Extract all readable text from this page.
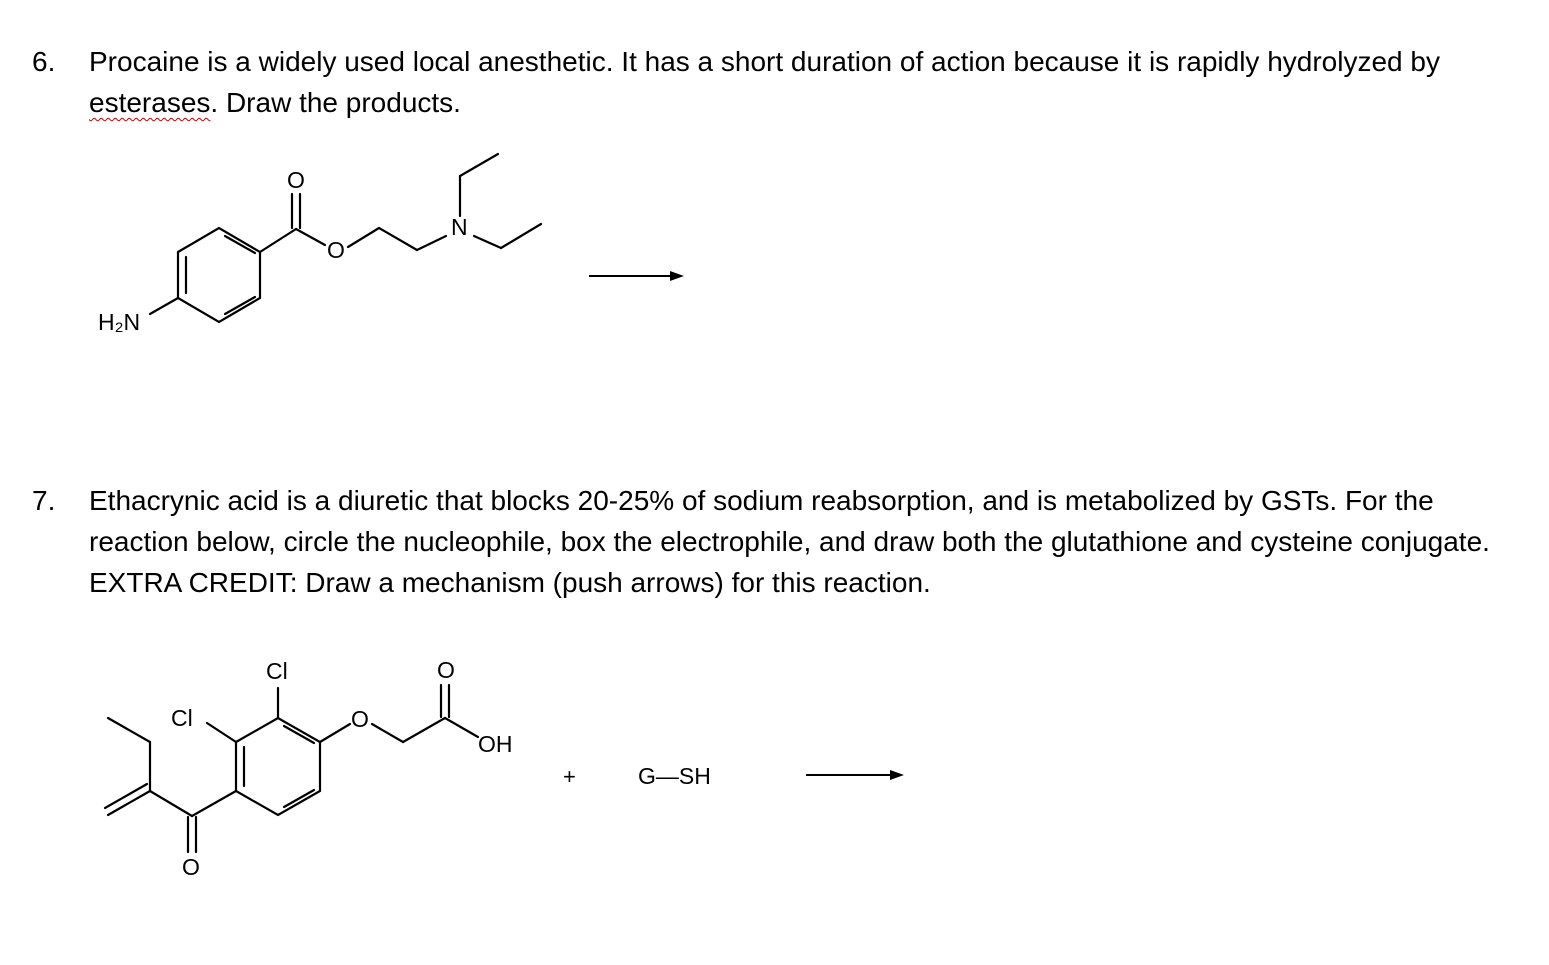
6. Procaine is a widely used local anesthetic. It has a short duration of action because it is rapidly hydrolyzed by esterases. Draw the products.
7. Ethacrynic acid is a diuretic that blocks 20-25% of sodium reabsorption, and is metabolized by GSTs. For the reaction below, circle the nucleophile, box the electrophile, and draw both the glutathione and cysteine conjugate. EXTRA CREDIT: Draw a mechanism (push arrows) for this reaction.
H₂N
O
O
N
Cl
Cl	O
O
OH
O
+	G—SH
